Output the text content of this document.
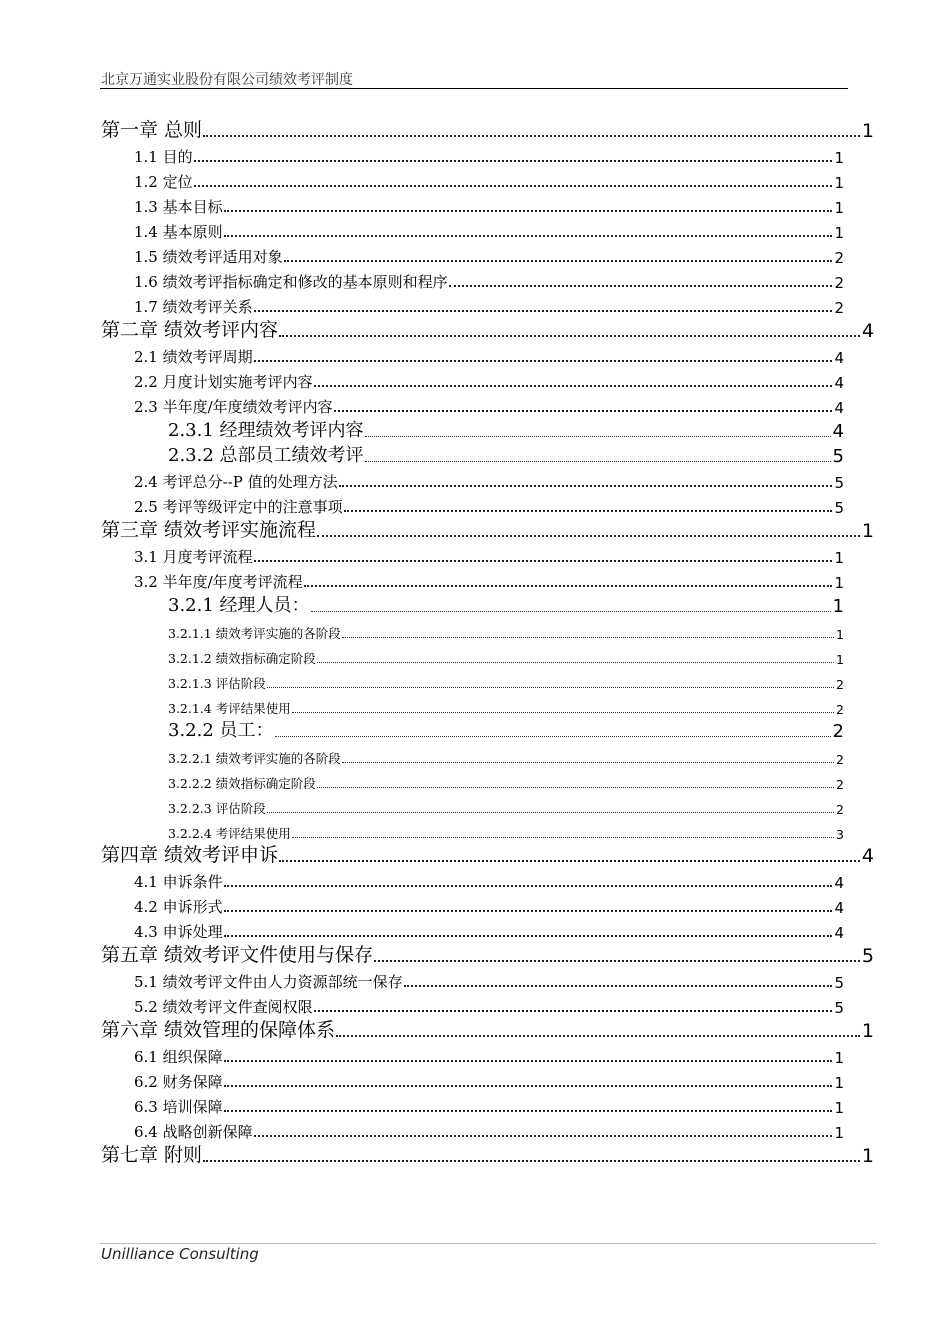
北京万通实业股份有限公司绩效考评制度
第一章 总则	1
1.1 目的	1
1.2 定位	1
1.3 基本目标	1
1.4 基本原则	1
1.5 绩效考评适用对象	2
1.6 绩效考评指标确定和修改的基本原则和程序	2
1.7 绩效考评关系	2
第二章 绩效考评内容	4
2.1 绩效考评周期	4
2.2 月度计划实施考评内容	4
2.3 半年度/年度绩效考评内容	4
2.3.1 经理绩效考评内容	4
2.3.2 总部员工绩效考评	5
2.4 考评总分--P 值的处理方法	5
2.5 考评等级评定中的注意事项	5
第三章 绩效考评实施流程	1
3.1 月度考评流程	1
3.2 半年度/年度考评流程	1
3.2.1 经理人员：	1
3.2.1.1 绩效考评实施的各阶段	1
3.2.1.2 绩效指标确定阶段	1
3.2.1.3 评估阶段	2
3.2.1.4 考评结果使用	2
3.2.2 员工：	2
3.2.2.1 绩效考评实施的各阶段	2
3.2.2.2 绩效指标确定阶段	2
3.2.2.3 评估阶段	2
3.2.2.4 考评结果使用	3
第四章 绩效考评申诉	4
4.1 申诉条件	4
4.2 申诉形式	4
4.3 申诉处理	4
第五章 绩效考评文件使用与保存	5
5.1 绩效考评文件由人力资源部统一保存	5
5.2 绩效考评文件查阅权限	5
第六章 绩效管理的保障体系	1
6.1 组织保障	1
6.2 财务保障	1
6.3 培训保障	1
6.4 战略创新保障	1
第七章 附则	1
Unilliance Consulting
